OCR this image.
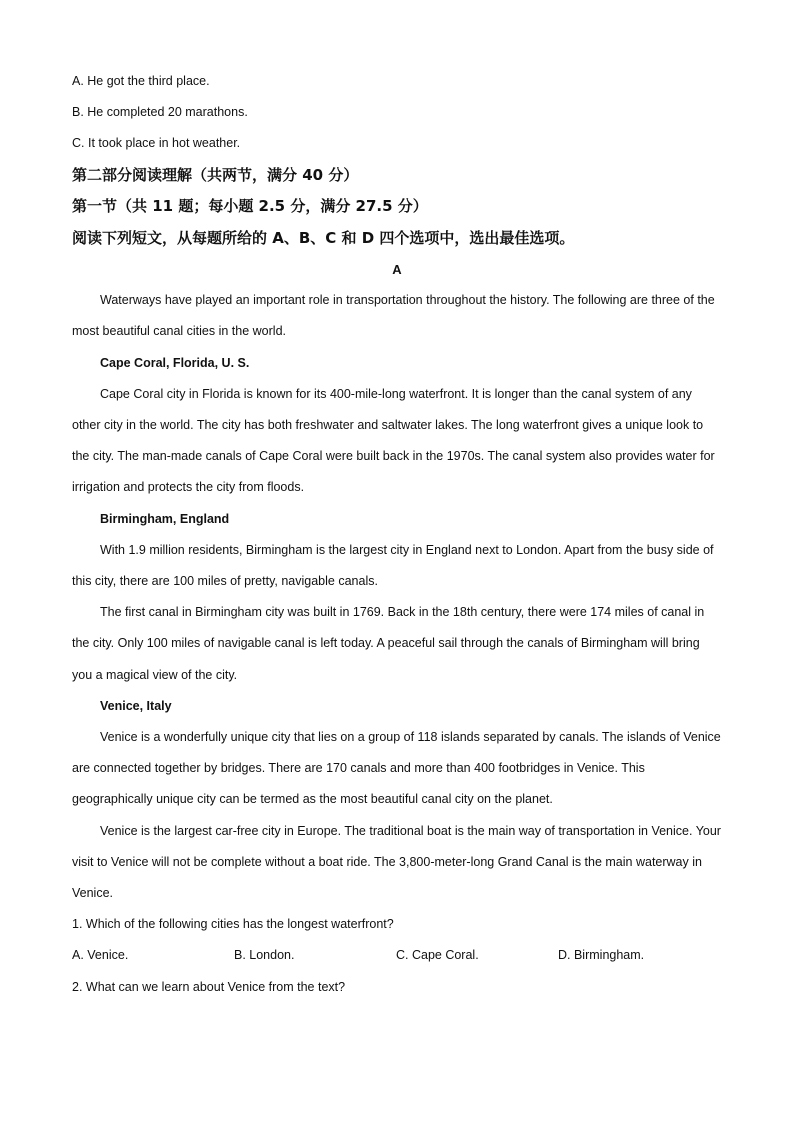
A. He got the third place.
B. He completed 20 marathons.
C. It took place in hot weather.
第二部分阅读理解（共两节，满分 40 分）
第一节（共 11 题；每小题 2.5 分，满分 27.5 分）
阅读下列短文，从每题所给的 A、B、C 和 D 四个选项中，选出最佳选项。
A

Waterways have played an important role in transportation throughout the history. The following are three of the most beautiful canal cities in the world.

Cape Coral, Florida, U. S.

Cape Coral city in Florida is known for its 400-mile-long waterfront. It is longer than the canal system of any other city in the world. The city has both freshwater and saltwater lakes. The long waterfront gives a unique look to the city. The man-made canals of Cape Coral were built back in the 1970s. The canal system also provides water for irrigation and protects the city from floods.

Birmingham, England

With 1.9 million residents, Birmingham is the largest city in England next to London. Apart from the busy side of this city, there are 100 miles of pretty, navigable canals.

The first canal in Birmingham city was built in 1769. Back in the 18th century, there were 174 miles of canal in the city. Only 100 miles of navigable canal is left today. A peaceful sail through the canals of Birmingham will bring you a magical view of the city.

Venice, Italy

Venice is a wonderfully unique city that lies on a group of 118 islands separated by canals. The islands of Venice are connected together by bridges. There are 170 canals and more than 400 footbridges in Venice. This geographically unique city can be termed as the most beautiful canal city on the planet.

Venice is the largest car-free city in Europe. The traditional boat is the main way of transportation in Venice. Your visit to Venice will not be complete without a boat ride. The 3,800-meter-long Grand Canal is the main waterway in Venice.

1. Which of the following cities has the longest waterfront?
A. Venice.	B. London.	C. Cape Coral.	D. Birmingham.
2. What can we learn about Venice from the text?
